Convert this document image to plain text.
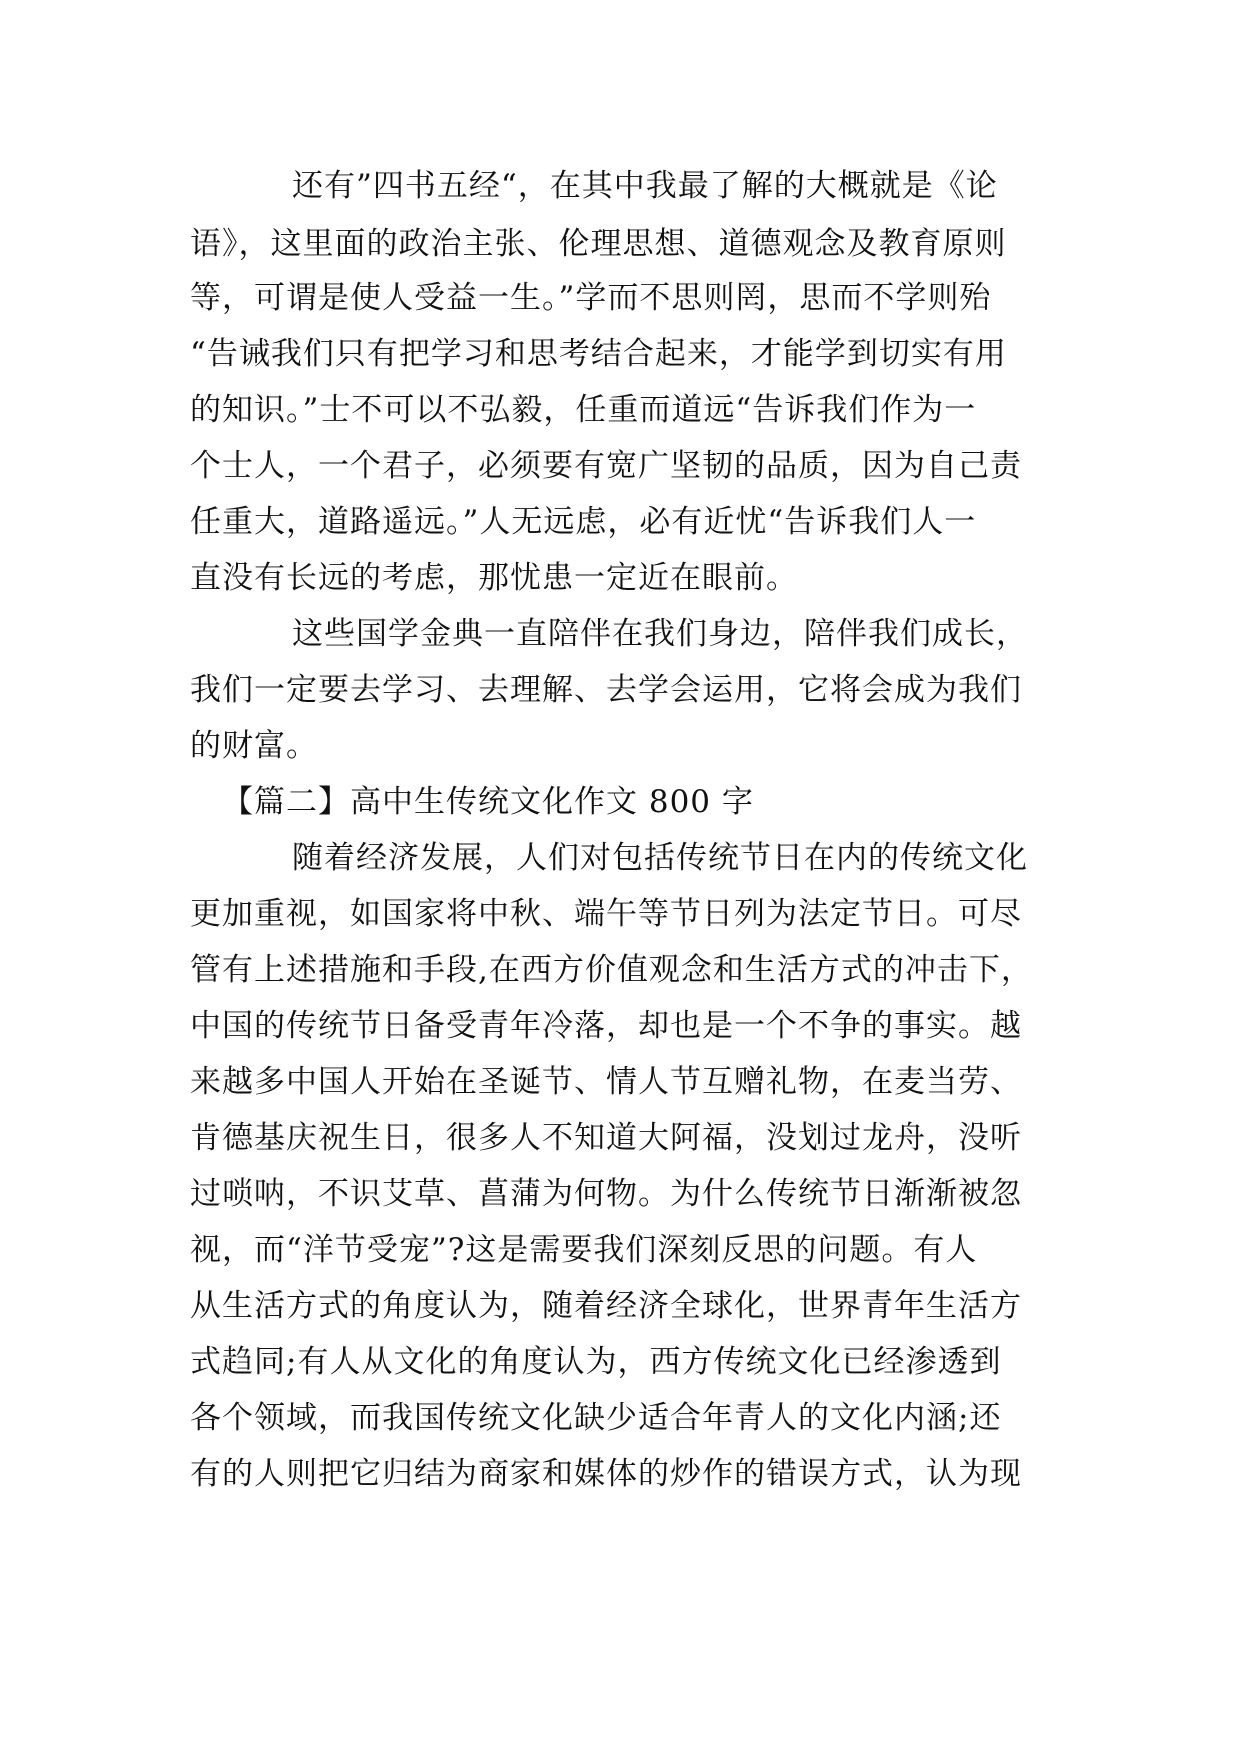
还有”四书五经“，在其中我最了解的大概就是《论
语》，这里面的政治主张、伦理思想、道德观念及教育原则
等，可谓是使人受益一生。”学而不思则罔，思而不学则殆
“告诫我们只有把学习和思考结合起来，才能学到切实有用
的知识。”士不可以不弘毅，任重而道远“告诉我们作为一
个士人，一个君子，必须要有宽广坚韧的品质，因为自己责
任重大，道路遥远。”人无远虑，必有近忧“告诉我们人一
直没有长远的考虑，那忧患一定近在眼前。
这些国学金典一直陪伴在我们身边，陪伴我们成长，
我们一定要去学习、去理解、去学会运用，它将会成为我们
的财富。
【篇二】高中生传统文化作文 800 字
随着经济发展，人们对包括传统节日在内的传统文化
更加重视，如国家将中秋、端午等节日列为法定节日。可尽
管有上述措施和手段,在西方价值观念和生活方式的冲击下，
中国的传统节日备受青年冷落，却也是一个不争的事实。越
来越多中国人开始在圣诞节、情人节互赠礼物，在麦当劳、
肯德基庆祝生日，很多人不知道大阿福，没划过龙舟，没听
过唢呐，不识艾草、菖蒲为何物。为什么传统节日渐渐被忽
视，而“洋节受宠”?这是需要我们深刻反思的问题。有人
从生活方式的角度认为，随着经济全球化，世界青年生活方
式趋同;有人从文化的角度认为，西方传统文化已经渗透到
各个领域，而我国传统文化缺少适合年青人的文化内涵;还
有的人则把它归结为商家和媒体的炒作的错误方式，认为现
